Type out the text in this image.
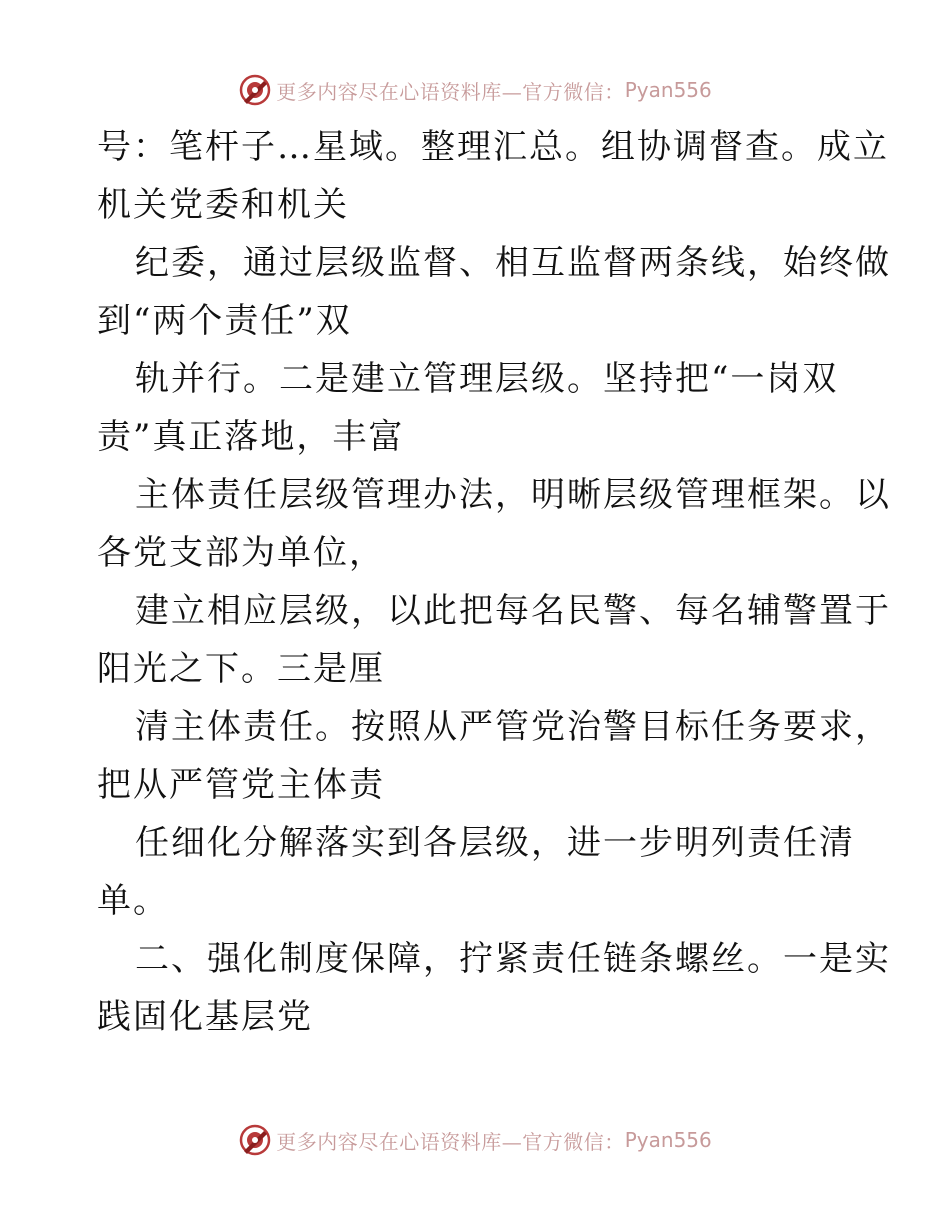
更多内容尽在心语资料库—官方微信： Pyan556
号：笔杆子…星域。整理汇总。组协调督查。成立
机关党委和机关
纪委，通过层级监督、相互监督两条线，始终做
到“两个责任”双
轨并行。二是建立管理层级。坚持把“一岗双
责”真正落地，丰富
主体责任层级管理办法，明晰层级管理框架。以
各党支部为单位，
建立相应层级，以此把每名民警、每名辅警置于
阳光之下。三是厘
清主体责任。按照从严管党治警目标任务要求，
把从严管党主体责
任细化分解落实到各层级，进一步明列责任清
单。
二、强化制度保障，拧紧责任链条螺丝。一是实
践固化基层党
更多内容尽在心语资料库—官方微信： Pyan556
